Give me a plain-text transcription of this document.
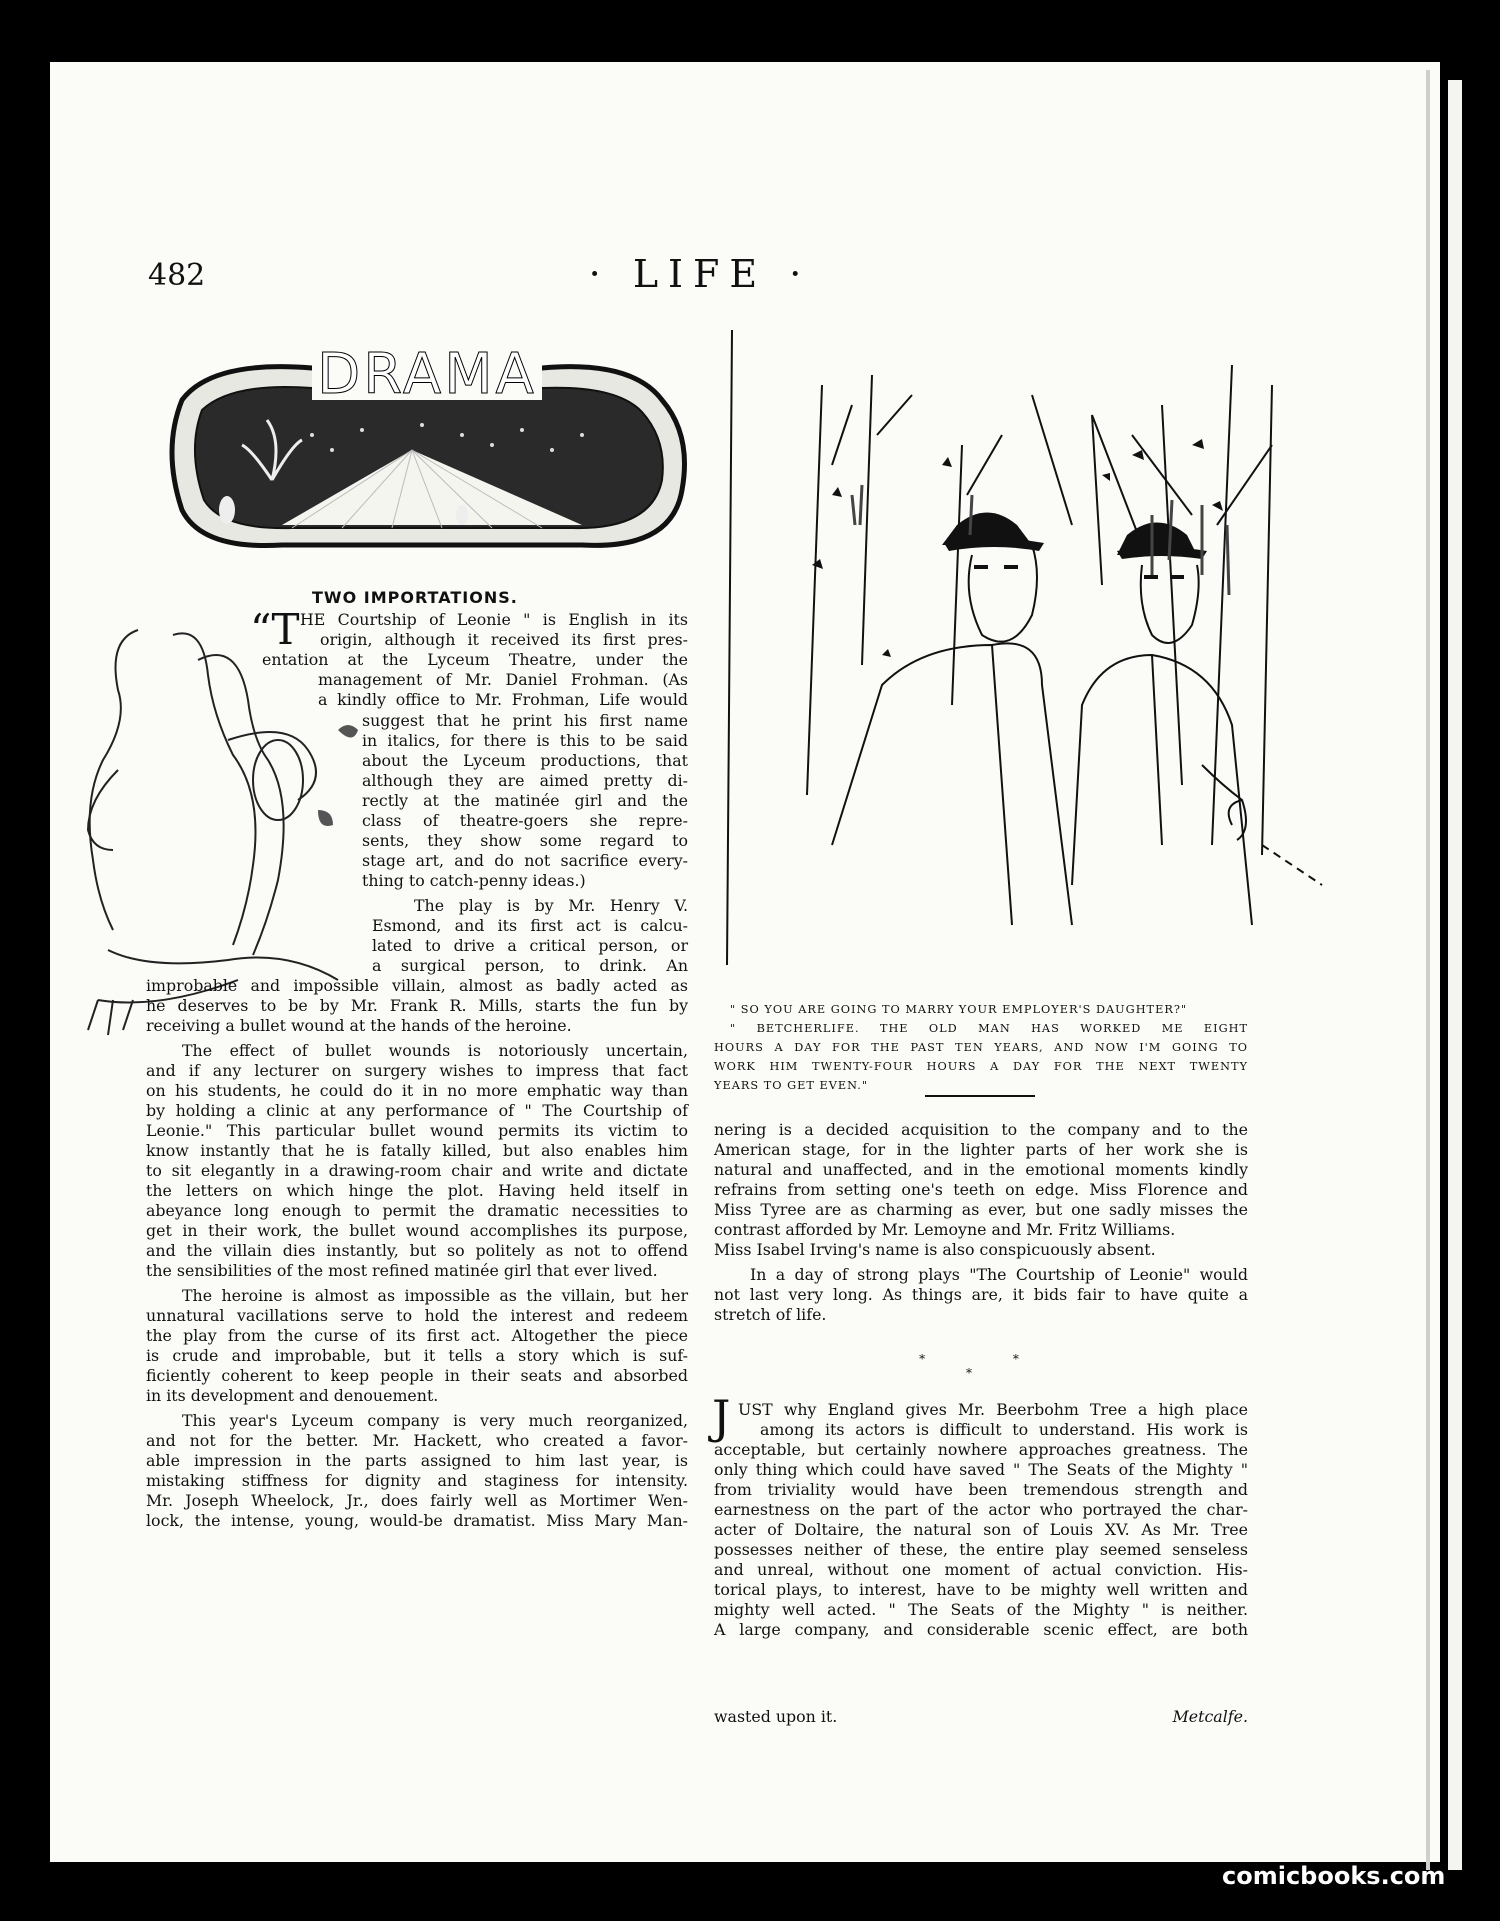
482	· LIFE ·
DRAMA
TWO IMPORTATIONS.
“T HE Courtship of Leonie " is English in its
origin, although it received its first pres-
entation at the Lyceum Theatre, under the
management of Mr. Daniel Frohman. (As
a kindly office to Mr. Frohman, Life would
suggest that he print his first name
in italics, for there is this to be said
about the Lyceum productions, that
although they are aimed pretty di-
rectly at the matinée girl and the
class of theatre-goers she repre-
sents, they show some regard to
stage art, and do not sacrifice every-
thing to catch-penny ideas.)
The play is by Mr. Henry V.
Esmond, and its first act is calcu-
lated to drive a critical person, or
a surgical person, to drink. An
improbable and impossible villain, almost as badly acted as
he deserves to be by Mr. Frank R. Mills, starts the fun by
receiving a bullet wound at the hands of the heroine.
The effect of bullet wounds is notoriously uncertain,
and if any lecturer on surgery wishes to impress that fact
on his students, he could do it in no more emphatic way than
by holding a clinic at any performance of " The Courtship of
Leonie." This particular bullet wound permits its victim to
know instantly that he is fatally killed, but also enables him
to sit elegantly in a drawing-room chair and write and dictate
the letters on which hinge the plot. Having held itself in
abeyance long enough to permit the dramatic necessities to
get in their work, the bullet wound accomplishes its purpose,
and the villain dies instantly, but so politely as not to offend
the sensibilities of the most refined matinée girl that ever lived.
The heroine is almost as impossible as the villain, but her
unnatural vacillations serve to hold the interest and redeem
the play from the curse of its first act. Altogether the piece
is crude and improbable, but it tells a story which is suf-
ficiently coherent to keep people in their seats and absorbed
in its development and denouement.
This year's Lyceum company is very much reorganized,
and not for the better. Mr. Hackett, who created a favor-
able impression in the parts assigned to him last year, is
mistaking stiffness for dignity and staginess for intensity.
Mr. Joseph Wheelock, Jr., does fairly well as Mortimer Wen-
lock, the intense, young, would-be dramatist. Miss Mary Man-
" SO YOU ARE GOING TO MARRY YOUR EMPLOYER'S DAUGHTER?"
" BETCHERLIFE. THE OLD MAN HAS WORKED ME EIGHT
HOURS A DAY FOR THE PAST TEN YEARS, AND NOW I'M GOING TO
WORK HIM TWENTY-FOUR HOURS A DAY FOR THE NEXT TWENTY
YEARS TO GET EVEN."
nering is a decided acquisition to the company and to the
American stage, for in the lighter parts of her work she is
natural and unaffected, and in the emotional moments kindly
refrains from setting one's teeth on edge. Miss Florence and
Miss Tyree are as charming as ever, but one sadly misses the
contrast afforded by Mr. Lemoyne and Mr. Fritz Williams.
Miss Isabel Irving's name is also conspicuously absent.
In a day of strong plays "The Courtship of Leonie" would
not last very long. As things are, it bids fair to have quite a
stretch of life.
* * *
J UST why England gives Mr. Beerbohm Tree a high place
among its actors is difficult to understand. His work is
acceptable, but certainly nowhere approaches greatness. The
only thing which could have saved " The Seats of the Mighty "
from triviality would have been tremendous strength and
earnestness on the part of the actor who portrayed the char-
acter of Doltaire, the natural son of Louis XV. As Mr. Tree
possesses neither of these, the entire play seemed senseless
and unreal, without one moment of actual conviction. His-
torical plays, to interest, have to be mighty well written and
mighty well acted. " The Seats of the Mighty " is neither.
A large company, and considerable scenic effect, are both
wasted upon it.	Metcalfe.
comicbooks.com
